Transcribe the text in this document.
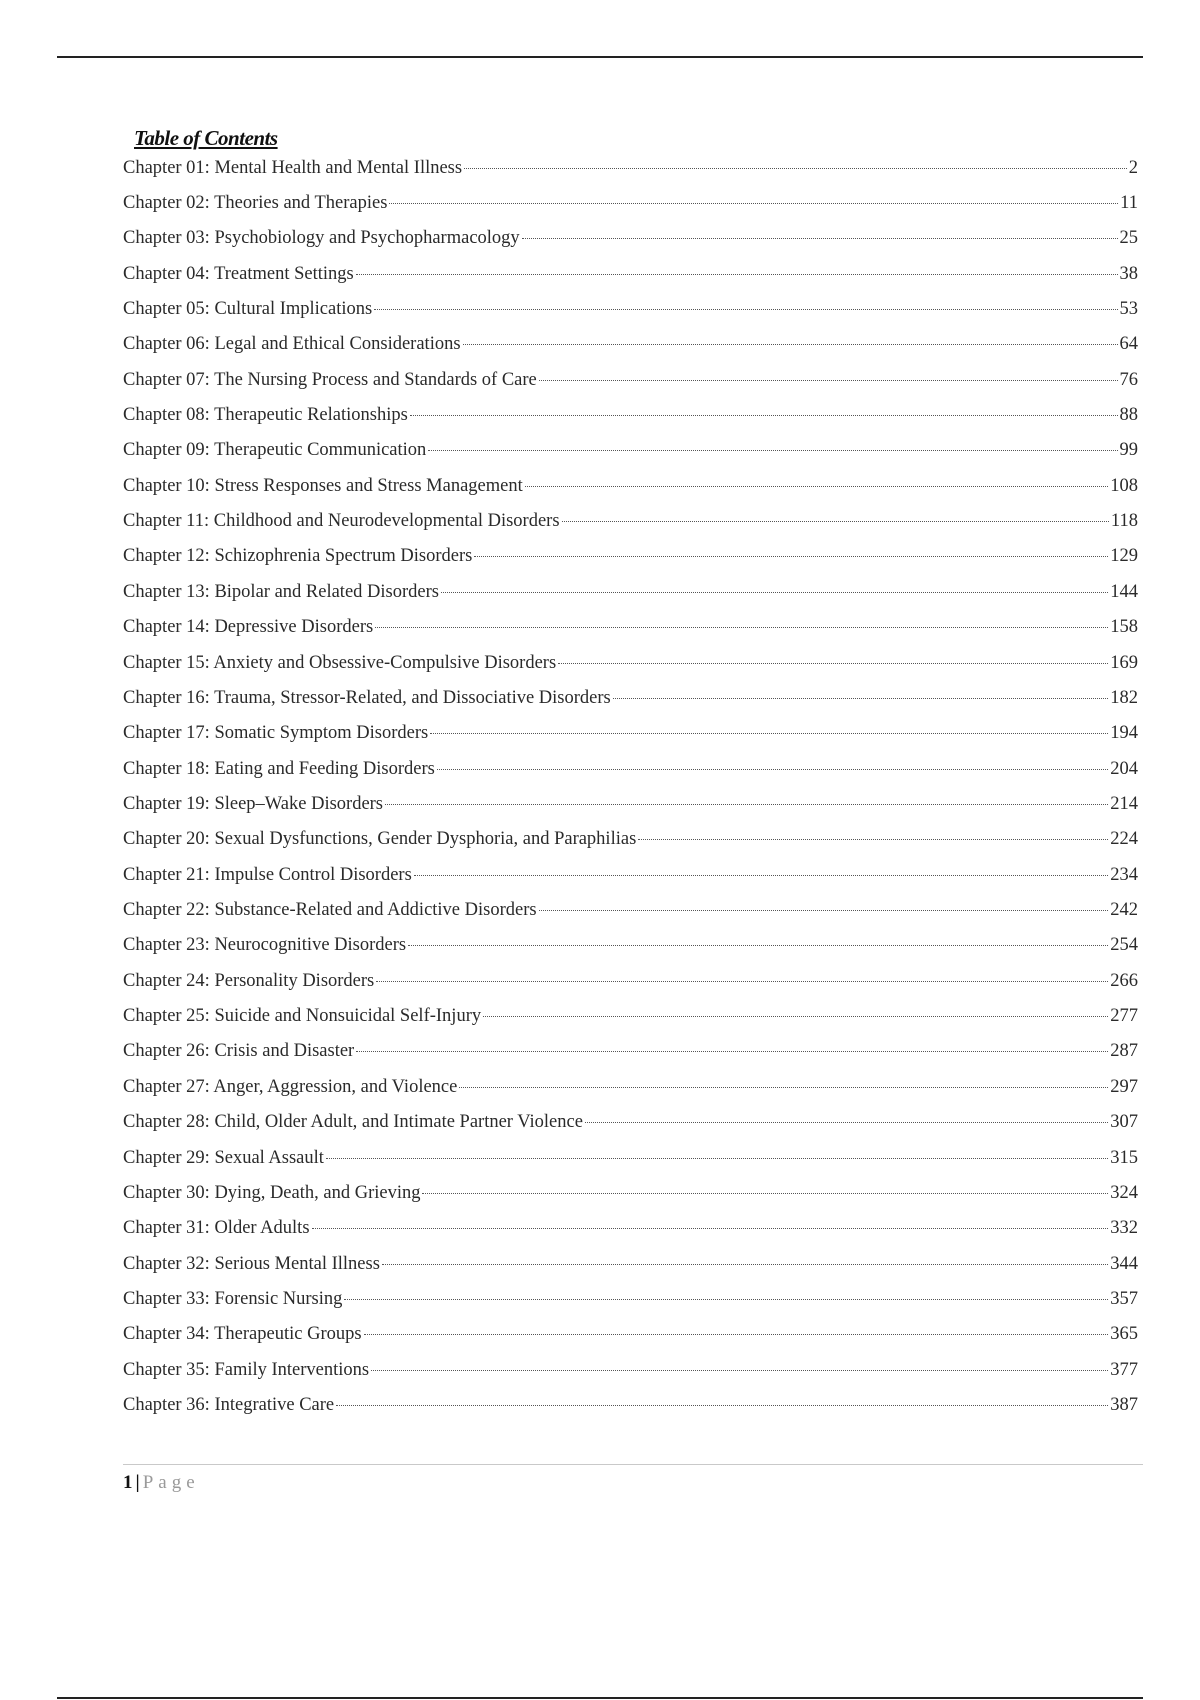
Table of Contents
Chapter 01: Mental Health and Mental Illness	2
Chapter 02: Theories and Therapies	11
Chapter 03: Psychobiology and Psychopharmacology	25
Chapter 04: Treatment Settings	38
Chapter 05: Cultural Implications	53
Chapter 06: Legal and Ethical Considerations	64
Chapter 07: The Nursing Process and Standards of Care	76
Chapter 08: Therapeutic Relationships	88
Chapter 09: Therapeutic Communication	99
Chapter 10: Stress Responses and Stress Management	108
Chapter 11: Childhood and Neurodevelopmental Disorders	118
Chapter 12: Schizophrenia Spectrum Disorders	129
Chapter 13: Bipolar and Related Disorders	144
Chapter 14: Depressive Disorders	158
Chapter 15: Anxiety and Obsessive-Compulsive Disorders	169
Chapter 16: Trauma, Stressor-Related, and Dissociative Disorders	182
Chapter 17: Somatic Symptom Disorders	194
Chapter 18: Eating and Feeding Disorders	204
Chapter 19: Sleep–Wake Disorders	214
Chapter 20: Sexual Dysfunctions, Gender Dysphoria, and Paraphilias	224
Chapter 21: Impulse Control Disorders	234
Chapter 22: Substance-Related and Addictive Disorders	242
Chapter 23: Neurocognitive Disorders	254
Chapter 24: Personality Disorders	266
Chapter 25: Suicide and Nonsuicidal Self-Injury	277
Chapter 26: Crisis and Disaster	287
Chapter 27: Anger, Aggression, and Violence	297
Chapter 28: Child, Older Adult, and Intimate Partner Violence	307
Chapter 29: Sexual Assault	315
Chapter 30: Dying, Death, and Grieving	324
Chapter 31: Older Adults	332
Chapter 32: Serious Mental Illness	344
Chapter 33: Forensic Nursing	357
Chapter 34: Therapeutic Groups	365
Chapter 35: Family Interventions	377
Chapter 36: Integrative Care	387
1 | Page
